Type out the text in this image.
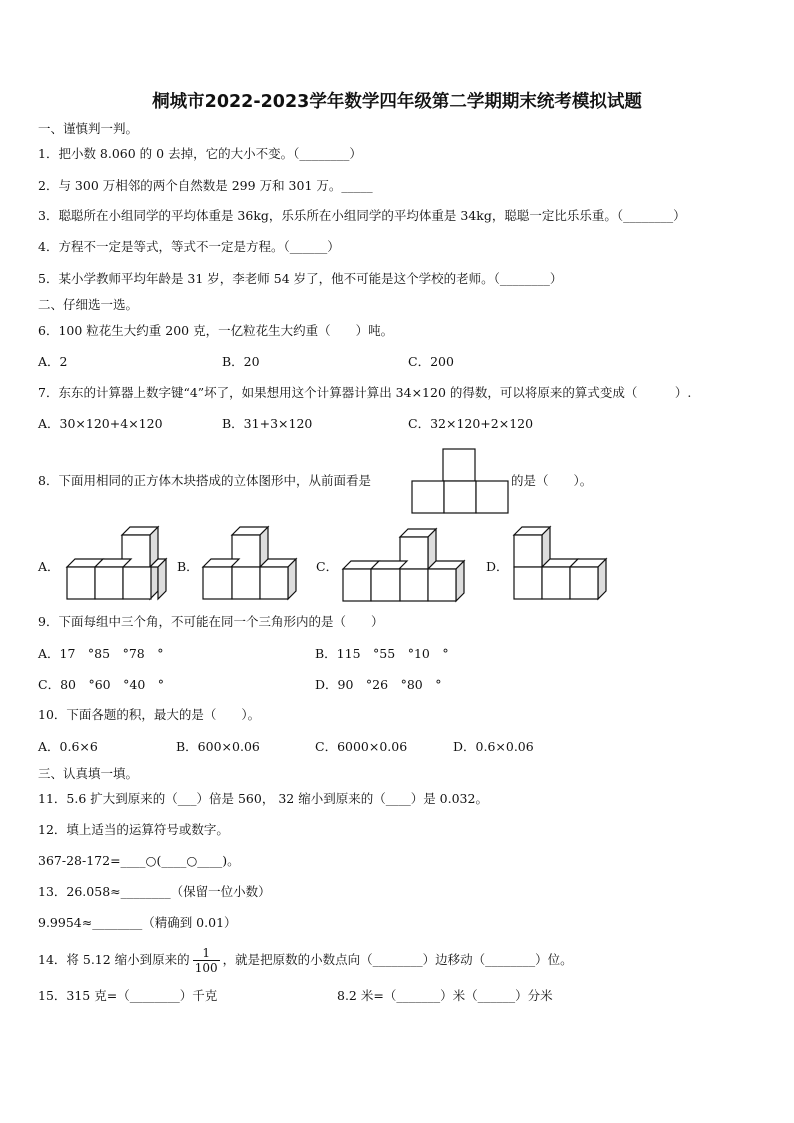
桐城市2022-2023学年数学四年级第二学期期末统考模拟试题
一、谨慎判一判。
1．把小数 8.060 的 0 去掉，它的大小不变。（________）
2．与 300 万相邻的两个自然数是 299 万和 301 万。_____
3．聪聪所在小组同学的平均体重是 36kg，乐乐所在小组同学的平均体重是 34kg，聪聪一定比乐乐重。（________）
4．方程不一定是等式，等式不一定是方程。（______）
5．某小学教师平均年龄是 31 岁，李老师 54 岁了，他不可能是这个学校的老师。（________）
二、仔细选一选。
6．100 粒花生大约重 200 克，一亿粒花生大约重（　　）吨。
A．2	B．20	C．200
7．东东的计算器上数字键“4”坏了，如果想用这个计算器计算出 34×120 的得数，可以将原来的算式变成（　　　）.
A．30×120+4×120	B．31+3×120	C．32×120+2×120
8．下面用相同的正方体木块搭成的立体图形中，从前面看是	的是（　　）。
A．	B．	C．	D．
9．下面每组中三个角，不可能在同一个三角形内的是（　　）
A．17　°85　°78　°	B．115　°55　°10　°
C．80　°60　°40　°	D．90　°26　°80　°
10．下面各题的积，最大的是（　　）。
A．0.6×6	B．600×0.06	C．6000×0.06	D．0.6×0.06
三、认真填一填。
11．5.6 扩大到原来的（___）倍是 560， 32 缩小到原来的（____）是 0.032。
12．填上适当的运算符号或数字。
367-28-172=____○(____○____)。
13．26.058≈________（保留一位小数）
9.9954≈________（精确到 0.01）
14．将 5.12 缩小到原来的 $\frac{1}{100}$ ，就是把原数的小数点向（________）边移动（________）位。
15．315 克=（________）千克	8.2 米=（_______）米（______）分米
